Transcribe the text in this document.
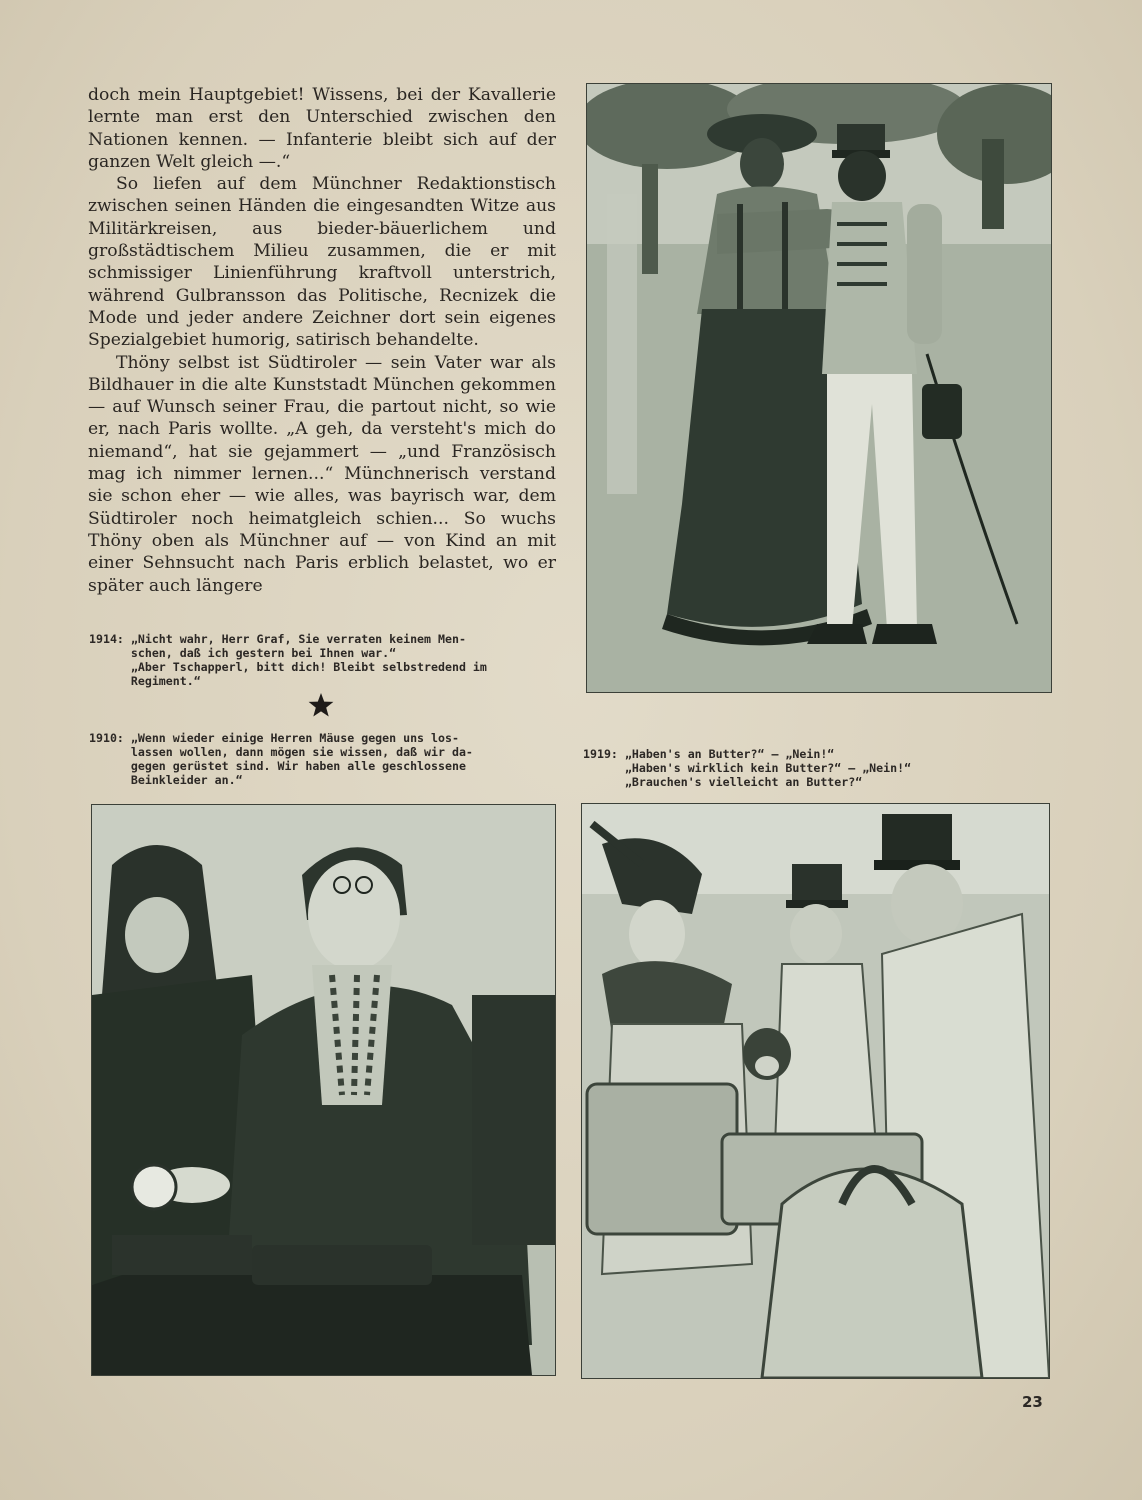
doch mein Hauptgebiet! Wissens, bei der Kavallerie lernte man erst den Unterschied zwischen den Nationen kennen. — Infanterie bleibt sich auf der ganzen Welt gleich —.“

So liefen auf dem Münchner Redaktionstisch zwischen seinen Händen die eingesandten Witze aus Militärkreisen, aus bieder-bäuerlichem und großstädtischem Milieu zusammen, die er mit schmissiger Linienführung kraftvoll unterstrich, während Gulbransson das Politische, Recnizek die Mode und jeder andere Zeichner dort sein eigenes Spezialgebiet humorig, satirisch behandelte.

Thöny selbst ist Südtiroler — sein Vater war als Bildhauer in die alte Kunststadt München gekommen — auf Wunsch seiner Frau, die partout nicht, so wie er, nach Paris wollte. „A geh, da versteht's mich do niemand“, hat sie gejammert — „und Französisch mag ich nimmer lernen...“ Münchnerisch verstand sie schon eher — wie alles, was bayrisch war, dem Südtiroler noch heimatgleich schien... So wuchs Thöny oben als Münchner auf — von Kind an mit einer Sehnsucht nach Paris erblich belastet, wo er später auch längere

1914: „Nicht wahr, Herr Graf, Sie verraten keinem Men-
schen, daß ich gestern bei Ihnen war.“
„Aber Tschapperl, bitt dich! Bleibt selbstredend im
Regiment.“
1910: „Wenn wieder einige Herren Mäuse gegen uns los-
lassen wollen, dann mögen sie wissen, daß wir da-
gegen gerüstet sind. Wir haben alle geschlossene
Beinkleider an.“
1919: „Haben's an Butter?“ — „Nein!“
„Haben's wirklich kein Butter?“ — „Nein!“
„Brauchen's vielleicht an Butter?“
23
